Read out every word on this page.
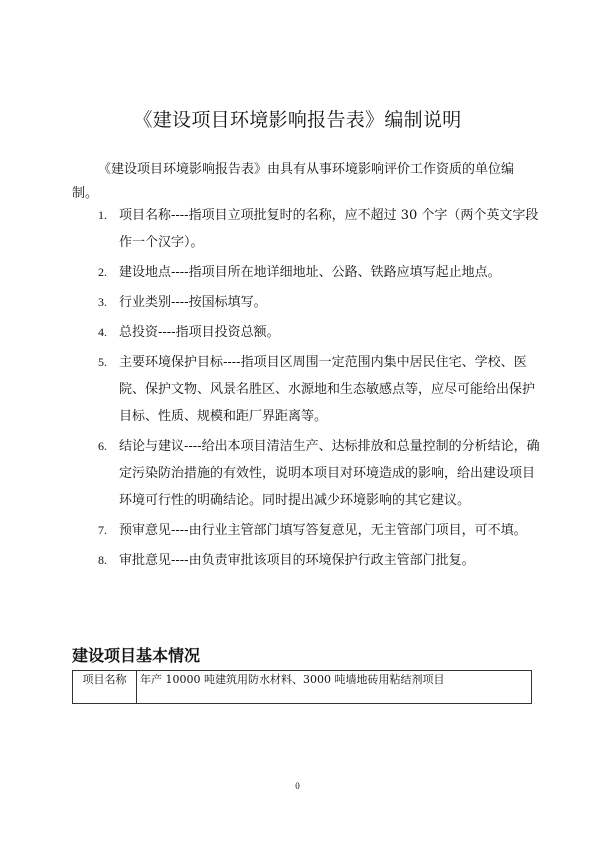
《建设项目环境影响报告表》编制说明
《建设项目环境影响报告表》由具有从事环境影响评价工作资质的单位编制。
1. 项目名称----指项目立项批复时的名称，应不超过 30 个字（两个英文字段作一个汉字）。
2. 建设地点----指项目所在地详细地址、公路、铁路应填写起止地点。
3. 行业类别----按国标填写。
4. 总投资----指项目投资总额。
5. 主要环境保护目标----指项目区周围一定范围内集中居民住宅、学校、医院、保护文物、风景名胜区、水源地和生态敏感点等，应尽可能给出保护目标、性质、规模和距厂界距离等。
6. 结论与建议----给出本项目清洁生产、达标排放和总量控制的分析结论，确定污染防治措施的有效性，说明本项目对环境造成的影响，给出建设项目环境可行性的明确结论。同时提出减少环境影响的其它建议。
7. 预审意见----由行业主管部门填写答复意见，无主管部门项目，可不填。
8. 审批意见----由负责审批该项目的环境保护行政主管部门批复。
建设项目基本情况
项目名称	年产 10000 吨建筑用防水材料、3000 吨墙地砖用粘结剂项目
0
